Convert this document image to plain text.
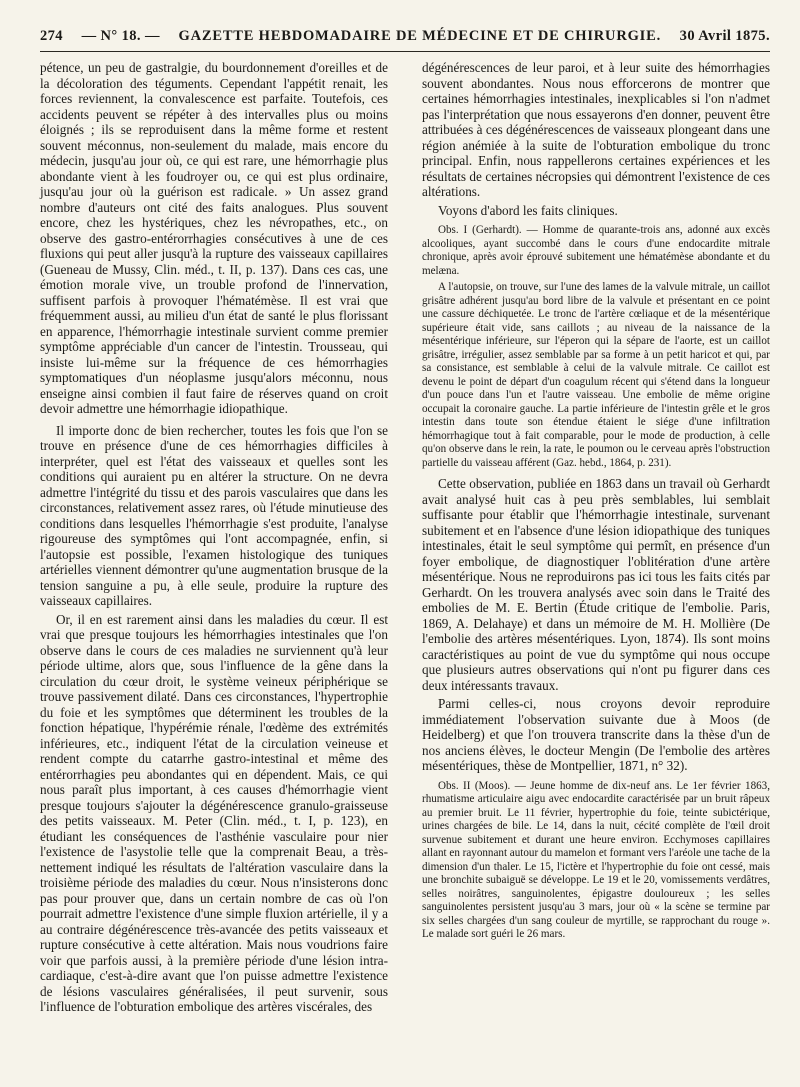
274 — N° 18. — GAZETTE HEBDOMADAIRE DE MÉDECINE ET DE CHIRURGIE. 30 Avril 1875.

pétence, un peu de gastralgie, du bourdonnement d'oreilles et de la décoloration des téguments. Cependant l'appétit renait, les forces reviennent, la convalescence est parfaite. Toutefois, ces accidents peuvent se répéter à des intervalles plus ou moins éloignés ; ils se reproduisent dans la même forme et restent souvent méconnus, non-seulement du malade, mais encore du médecin, jusqu'au jour où, ce qui est rare, une hémorrhagie plus abondante vient à les foudroyer ou, ce qui est plus ordinaire, jusqu'au jour où la guérison est radicale. » Un assez grand nombre d'auteurs ont cité des faits analogues. Plus souvent encore, chez les hystériques, chez les névropathes, etc., on observe des gastro-entérorrhagies consécutives à une de ces fluxions qui peut aller jusqu'à la rupture des vaisseaux capillaires (Gueneau de Mussy, Clin. méd., t. II, p. 137). Dans ces cas, une émotion morale vive, un trouble profond de l'innervation, suffisent parfois à provoquer l'hématémèse. Il est vrai que fréquemment aussi, au milieu d'un état de santé le plus florissant en apparence, l'hémorrhagie intestinale survient comme premier symptôme appréciable d'un cancer de l'intestin. Trousseau, qui insiste lui-même sur la fréquence de ces hémorrhagies symptomatiques d'un néoplasme jusqu'alors méconnu, nous enseigne ainsi combien il faut faire de réserves quand on croit devoir admettre une hémorrhagie idiopathique.

Il importe donc de bien rechercher, toutes les fois que l'on se trouve en présence d'une de ces hémorrhagies difficiles à interpréter, quel est l'état des vaisseaux et quelles sont les conditions qui auraient pu en altérer la structure. On ne devra admettre l'intégrité du tissu et des parois vasculaires que dans les circonstances, relativement assez rares, où l'étude minutieuse des conditions dans lesquelles l'hémorrhagie s'est produite, l'analyse rigoureuse des symptômes qui l'ont accompagnée, enfin, si l'autopsie est possible, l'examen histologique des tuniques artérielles viennent démontrer qu'une augmentation brusque de la tension sanguine a pu, à elle seule, produire la rupture des vaisseaux capillaires.

Or, il en est rarement ainsi dans les maladies du cœur. Il est vrai que presque toujours les hémorrhagies intestinales que l'on observe dans le cours de ces maladies ne surviennent qu'à leur période ultime, alors que, sous l'influence de la gêne dans la circulation du cœur droit, le système veineux périphérique se trouve passivement dilaté. Dans ces circonstances, l'hypertrophie du foie et les symptômes que déterminent les troubles de la fonction hépatique, l'hypérémie rénale, l'œdème des extrémités inférieures, etc., indiquent l'état de la circulation veineuse et rendent compte du catarrhe gastro-intestinal et même des entérorrhagies peu abondantes qui en dépendent. Mais, ce qui nous paraît plus important, à ces causes d'hémorrhagie vient presque toujours s'ajouter la dégénérescence granulo-graisseuse des petits vaisseaux. M. Peter (Clin. méd., t. I, p. 123), en étudiant les conséquences de l'asthénie vasculaire pour nier l'existence de l'asystolie telle que la comprenait Beau, a très-nettement indiqué les résultats de l'altération vasculaire dans la troisième période des maladies du cœur. Nous n'insisterons donc pas pour prouver que, dans un certain nombre de cas où l'on pourrait admettre l'existence d'une simple fluxion artérielle, il y a au contraire dégénérescence très-avancée des petits vaisseaux et rupture consécutive à cette altération. Mais nous voudrions faire voir que parfois aussi, à la première période d'une lésion intra-cardiaque, c'est-à-dire avant que l'on puisse admettre l'existence de lésions vasculaires généralisées, il peut survenir, sous l'influence de l'obturation embolique des artères viscérales, des

dégénérescences de leur paroi, et à leur suite des hémorrhagies souvent abondantes. Nous nous efforcerons de montrer que certaines hémorrhagies intestinales, inexplicables si l'on n'admet pas l'interprétation que nous essayerons d'en donner, peuvent être attribuées à ces dégénérescences de vaisseaux plongeant dans une région anémiée à la suite de l'obturation embolique du tronc principal. Enfin, nous rappellerons certaines expériences et les résultats de certaines nécropsies qui démontrent l'existence de ces altérations.

Voyons d'abord les faits cliniques.

Obs. I (Gerhardt). — Homme de quarante-trois ans, adonné aux excès alcooliques, ayant succombé dans le cours d'une endocardite mitrale chronique, après avoir éprouvé subitement une hématémèse abondante et du melæna.

A l'autopsie, on trouve, sur l'une des lames de la valvule mitrale, un caillot grisâtre adhérent jusqu'au bord libre de la valvule et présentant en ce point une cassure déchiquetée. Le tronc de l'artère cœliaque et de la mésentérique supérieure était vide, sans caillots ; au niveau de la naissance de la mésentérique inférieure, sur l'éperon qui la sépare de l'aorte, est un caillot grisâtre, irrégulier, assez semblable par sa forme à un petit haricot et qui, par sa consistance, est semblable à celui de la valvule mitrale. Ce caillot est devenu le point de départ d'un coagulum récent qui s'étend dans la longueur d'un pouce dans l'un et l'autre vaisseau. Une embolie de même origine occupait la coronaire gauche. La partie inférieure de l'intestin grêle et le gros intestin dans toute son étendue étaient le siége d'une infiltration hémorrhagique tout à fait comparable, pour le mode de production, à celle qu'on observe dans le rein, la rate, le poumon ou le cerveau après l'obstruction partielle du vaisseau afférent (Gaz. hebd., 1864, p. 231).

Cette observation, publiée en 1863 dans un travail où Gerhardt avait analysé huit cas à peu près semblables, lui semblait suffisante pour établir que l'hémorrhagie intestinale, survenant subitement et en l'absence d'une lésion idiopathique des tuniques intestinales, était le seul symptôme qui permît, en présence d'un foyer embolique, de diagnostiquer l'oblitération d'une artère mésentérique. Nous ne reproduirons pas ici tous les faits cités par Gerhardt. On les trouvera analysés avec soin dans le Traité des embolies de M. E. Bertin (Étude critique de l'embolie. Paris, 1869, A. Delahaye) et dans un mémoire de M. H. Mollière (De l'embolie des artères mésentériques. Lyon, 1874). Ils sont moins caractéristiques au point de vue du symptôme qui nous occupe que plusieurs autres observations qui n'ont pu figurer dans ces deux intéressants travaux.

Parmi celles-ci, nous croyons devoir reproduire immédiatement l'observation suivante due à Moos (de Heidelberg) et que l'on trouvera transcrite dans la thèse d'un de nos anciens élèves, le docteur Mengin (De l'embolie des artères mésentériques, thèse de Montpellier, 1871, n° 32).

Obs. II (Moos). — Jeune homme de dix-neuf ans. Le 1er février 1863, rhumatisme articulaire aigu avec endocardite caractérisée par un bruit râpeux au premier bruit. Le 11 février, hypertrophie du foie, teinte subictérique, urines chargées de bile. Le 14, dans la nuit, cécité complète de l'œil droit survenue subitement et durant une heure environ. Ecchymoses capillaires allant en rayonnant autour du mamelon et formant vers l'aréole une tache de la dimension d'un thaler. Le 15, l'ictère et l'hypertrophie du foie ont cessé, mais une bronchite subaiguë se développe. Le 19 et le 20, vomissements verdâtres, selles noirâtres, sanguinolentes, épigastre douloureux ; les selles sanguinolentes persistent jusqu'au 3 mars, jour où « la scène se termine par six selles chargées d'un sang couleur de myrtille, se rapprochant du rouge ». Le malade sort guéri le 26 mars.
